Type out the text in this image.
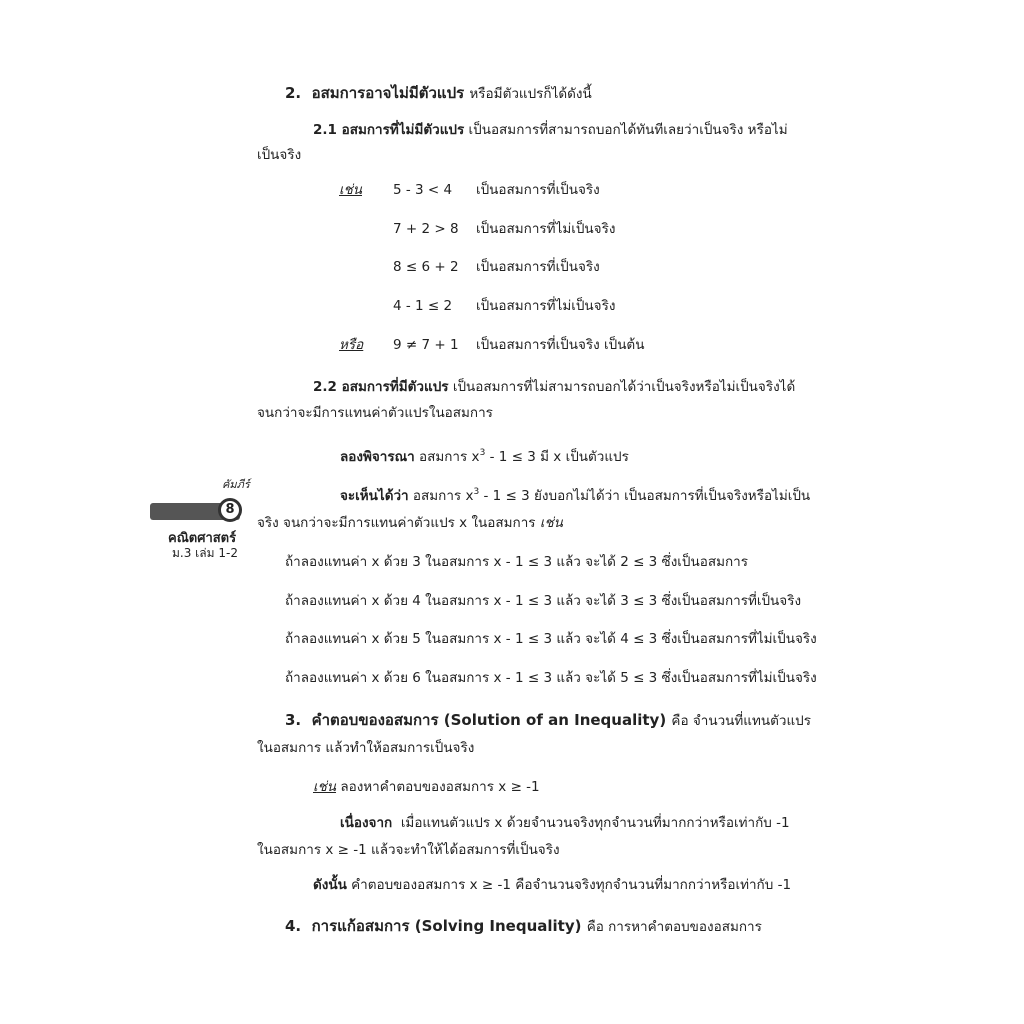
2. อสมการอาจไม่มีตัวแปร หรือมีตัวแปรก็ได้ดังนี้
2.1 อสมการที่ไม่มีตัวแปร เป็นอสมการที่สามารถบอกได้ทันทีเลยว่าเป็นจริง หรือไม่
เป็นจริง
เช่น	5 - 3 < 4	เป็นอสมการที่เป็นจริง
7 + 2 > 8	เป็นอสมการที่ไม่เป็นจริง
8 ≤ 6 + 2	เป็นอสมการที่เป็นจริง
4 - 1 ≤ 2	เป็นอสมการที่ไม่เป็นจริง
หรือ	9 ≠ 7 + 1	เป็นอสมการที่เป็นจริง เป็นต้น
2.2 อสมการที่มีตัวแปร เป็นอสมการที่ไม่สามารถบอกได้ว่าเป็นจริงหรือไม่เป็นจริงได้
จนกว่าจะมีการแทนค่าตัวแปรในอสมการ
ลองพิจารณา อสมการ $x^3 - 1 \le 3$ มี x เป็นตัวแปร
จะเห็นได้ว่า อสมการ $x^3 - 1 \le 3$ ยังบอกไม่ได้ว่า เป็นอสมการที่เป็นจริงหรือไม่เป็น
จริง จนกว่าจะมีการแทนค่าตัวแปร x ในอสมการ เช่น
ถ้าลองแทนค่า x ด้วย 3 ในอสมการ x - 1 ≤ 3 แล้ว จะได้ 2 ≤ 3 ซึ่งเป็นอสมการ
ถ้าลองแทนค่า x ด้วย 4 ในอสมการ x - 1 ≤ 3 แล้ว จะได้ 3 ≤ 3 ซึ่งเป็นอสมการที่เป็นจริง
ถ้าลองแทนค่า x ด้วย 5 ในอสมการ x - 1 ≤ 3 แล้ว จะได้ 4 ≤ 3 ซึ่งเป็นอสมการที่ไม่เป็นจริง
ถ้าลองแทนค่า x ด้วย 6 ในอสมการ x - 1 ≤ 3 แล้ว จะได้ 5 ≤ 3 ซึ่งเป็นอสมการที่ไม่เป็นจริง
3. คำตอบของอสมการ (Solution of an Inequality) คือ จำนวนที่แทนตัวแปร
ในอสมการ แล้วทำให้อสมการเป็นจริง
เช่น ลองหาคำตอบของอสมการ x ≥ -1
เนื่องจาก เมื่อแทนตัวแปร x ด้วยจำนวนจริงทุกจำนวนที่มากกว่าหรือเท่ากับ -1
ในอสมการ x ≥ -1 แล้วจะทำให้ได้อสมการที่เป็นจริง
ดังนั้น คำตอบของอสมการ x ≥ -1 คือจำนวนจริงทุกจำนวนที่มากกว่าหรือเท่ากับ -1
4. การแก้อสมการ (Solving Inequality) คือ การหาคำตอบของอสมการ
คัมภีร์
8
คณิตศาสตร์
ม.3 เล่ม 1-2
